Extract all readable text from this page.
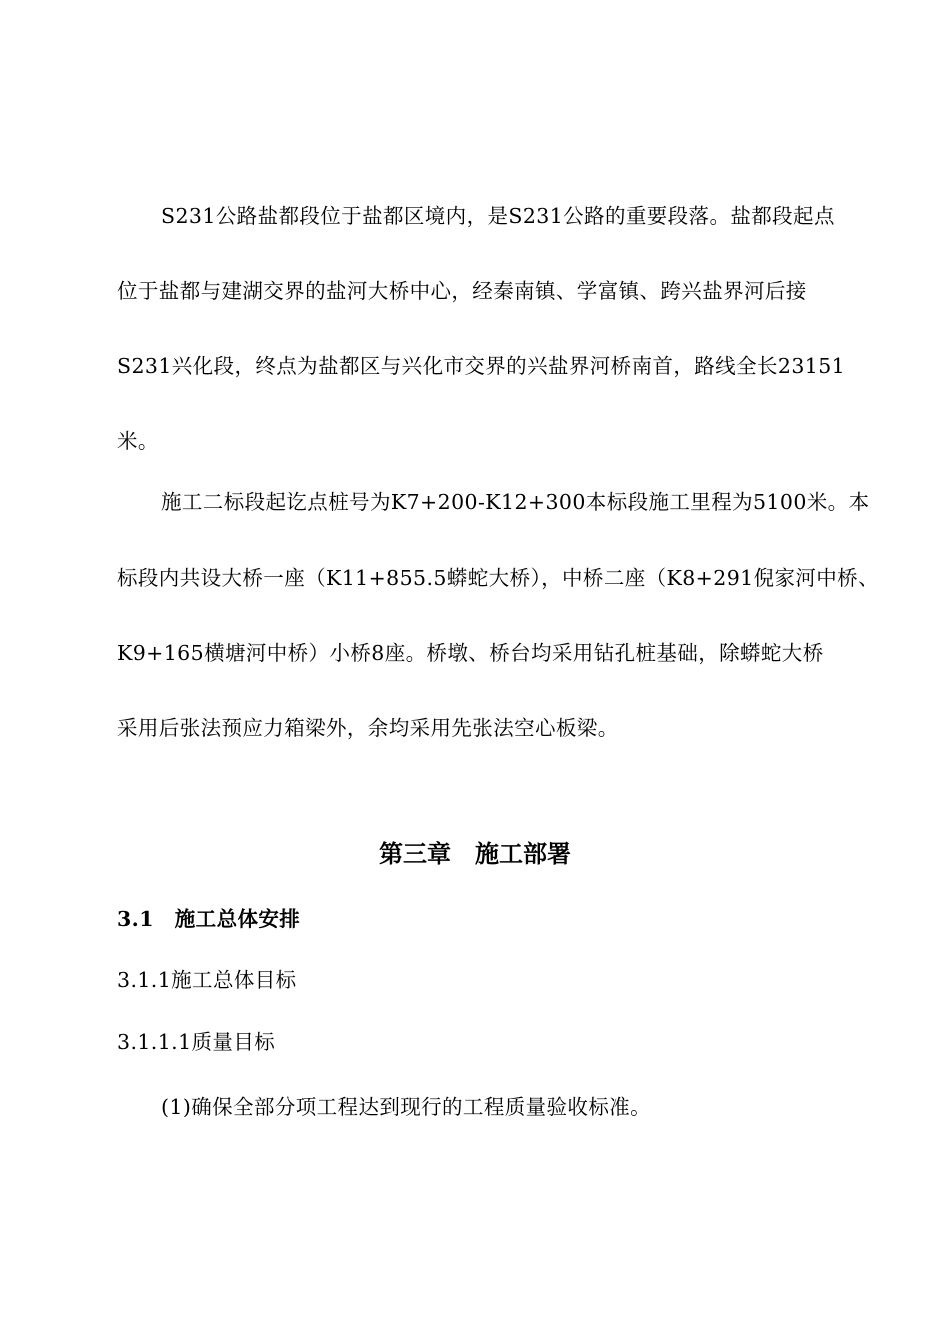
S231公路盐都段位于盐都区境内，是S231公路的重要段落。盐都段起点
位于盐都与建湖交界的盐河大桥中心，经秦南镇、学富镇、跨兴盐界河后接
S231兴化段，终点为盐都区与兴化市交界的兴盐界河桥南首，路线全长23151
米。
施工二标段起讫点桩号为K7+200-K12+300本标段施工里程为5100米。本
标段内共设大桥一座（K11+855.5蟒蛇大桥），中桥二座（K8+291倪家河中桥、
K9+165横塘河中桥）小桥8座。桥墩、桥台均采用钻孔桩基础，除蟒蛇大桥
采用后张法预应力箱梁外，余均采用先张法空心板梁。
第三章　施工部署
3.1　施工总体安排
3.1.1施工总体目标
3.1.1.1质量目标
(1)确保全部分项工程达到现行的工程质量验收标准。
